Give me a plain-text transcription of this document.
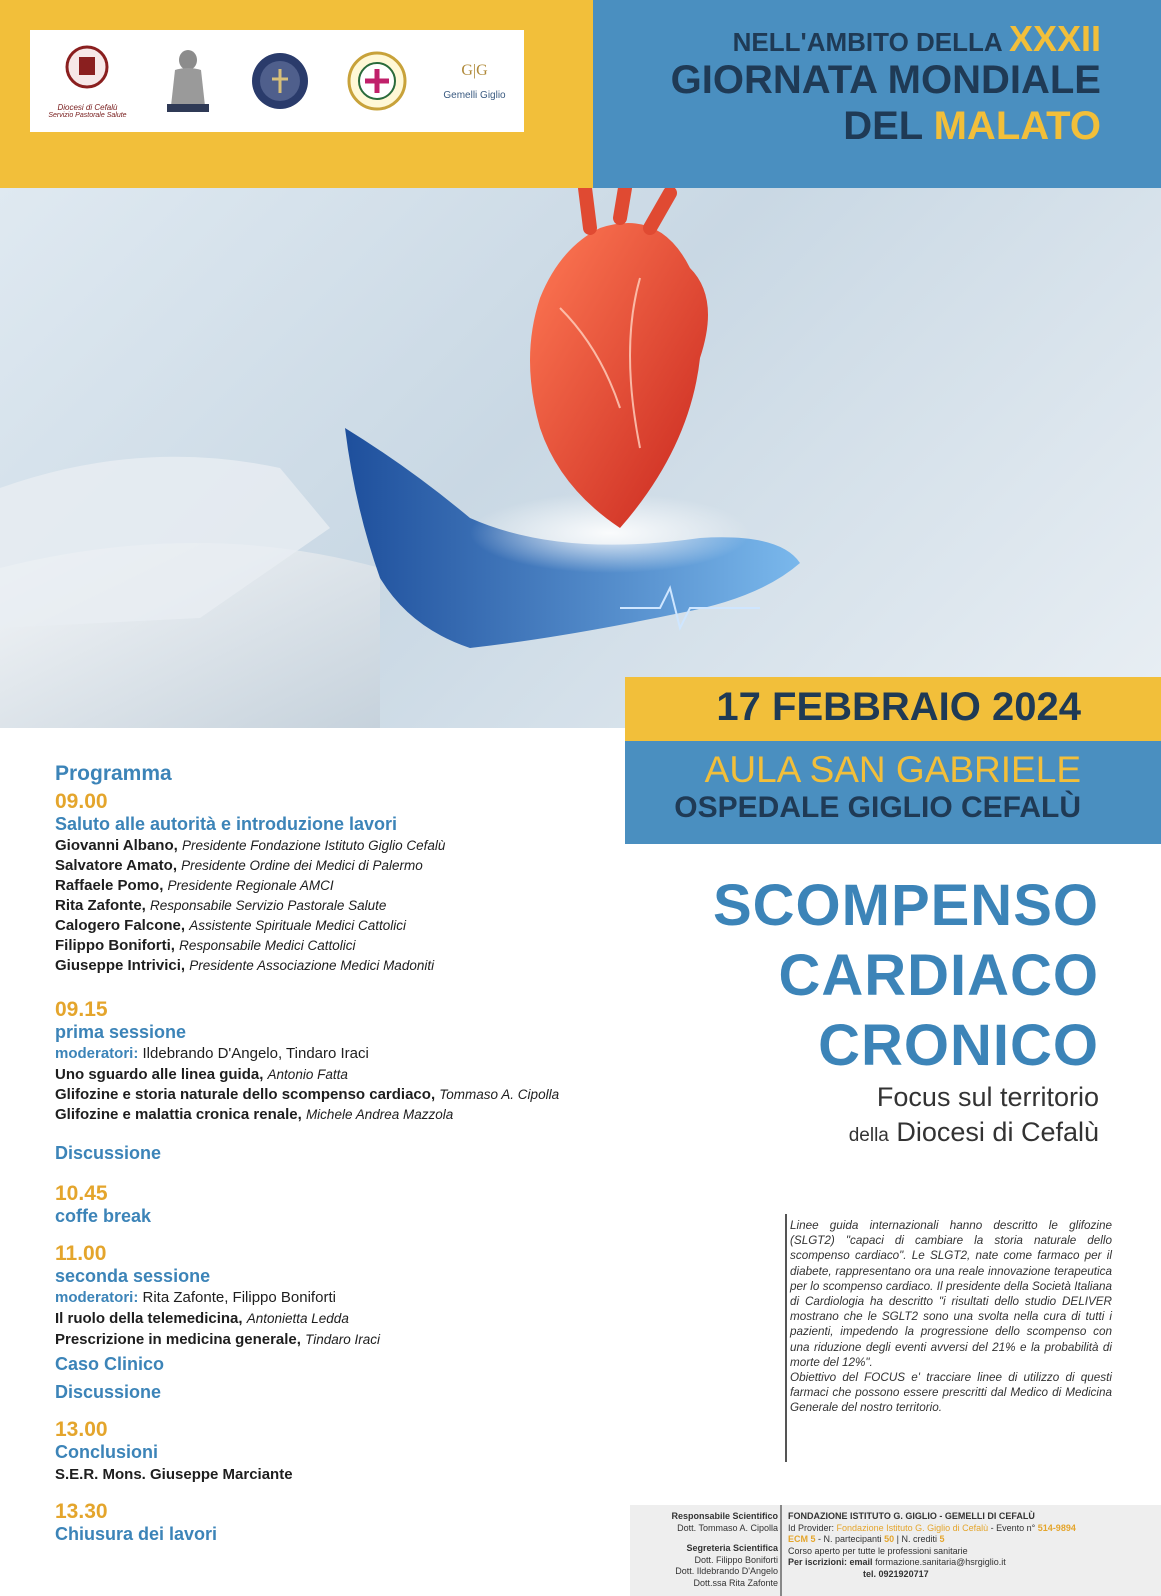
Diocesi di Cefalù
Servizio Pastorale Salute
G|G
Gemelli Giglio
NELL'AMBITO DELLA XXXII
GIORNATA MONDIALE
DEL MALATO
17 FEBBRAIO 2024
AULA SAN GABRIELE
OSPEDALE GIGLIO CEFALÙ
SCOMPENSO
CARDIACO
CRONICO
Focus sul territorio
della Diocesi di Cefalù
Programma
09.00
Saluto alle autorità e introduzione lavori
Giovanni Albano, Presidente Fondazione Istituto Giglio Cefalù
Salvatore Amato, Presidente Ordine dei Medici di Palermo
Raffaele Pomo, Presidente Regionale AMCI
Rita Zafonte, Responsabile Servizio Pastorale Salute
Calogero Falcone, Assistente Spirituale Medici Cattolici
Filippo Boniforti, Responsabile Medici Cattolici
Giuseppe Intrivici, Presidente Associazione Medici Madoniti
09.15
prima sessione
moderatori: Ildebrando D'Angelo, Tindaro Iraci
Uno sguardo alle linea guida, Antonio Fatta
Glifozine e storia naturale dello scompenso cardiaco, Tommaso A. Cipolla
Glifozine e malattia cronica renale, Michele Andrea Mazzola
Discussione
10.45
coffe break
11.00
seconda sessione
moderatori: Rita Zafonte, Filippo Boniforti
Il ruolo della telemedicina, Antonietta Ledda
Prescrizione in medicina generale, Tindaro Iraci
Caso Clinico
Discussione
13.00
Conclusioni
S.E.R. Mons. Giuseppe Marciante
13.30
Chiusura dei lavori
Linee guida internazionali hanno descritto le glifozine (SLGT2) "capaci di cambiare la storia naturale dello scompenso cardiaco". Le SLGT2, nate come farmaco per il diabete, rappresentano ora una reale innovazione terapeutica per lo scompenso cardiaco. Il presidente della Società Italiana di Cardiologia ha descritto "i risultati dello studio DELIVER mostrano che le SGLT2 sono una svolta nella cura di tutti i pazienti, impedendo la progressione dello scompenso con una riduzione degli eventi avversi del 21% e la probabilità di morte del 12%".
Obiettivo del FOCUS e' tracciare linee di utilizzo di questi farmaci che possono essere prescritti dal Medico di Medicina Generale del nostro territorio.
Responsabile Scientifico
Dott. Tommaso A. Cipolla
Segreteria Scientifica
Dott. Filippo Boniforti
Dott. Ildebrando D'Angelo
Dott.ssa Rita Zafonte
FONDAZIONE ISTITUTO G. GIGLIO - GEMELLI DI CEFALÙ
Id Provider: Fondazione Istituto G. Giglio di Cefalù - Evento n° 514-9894
ECM 5 - N. partecipanti 50 | N. crediti 5
Corso aperto per tutte le professioni sanitarie
Per iscrizioni: email formazione.sanitaria@hsrgiglio.it
tel. 0921920717
